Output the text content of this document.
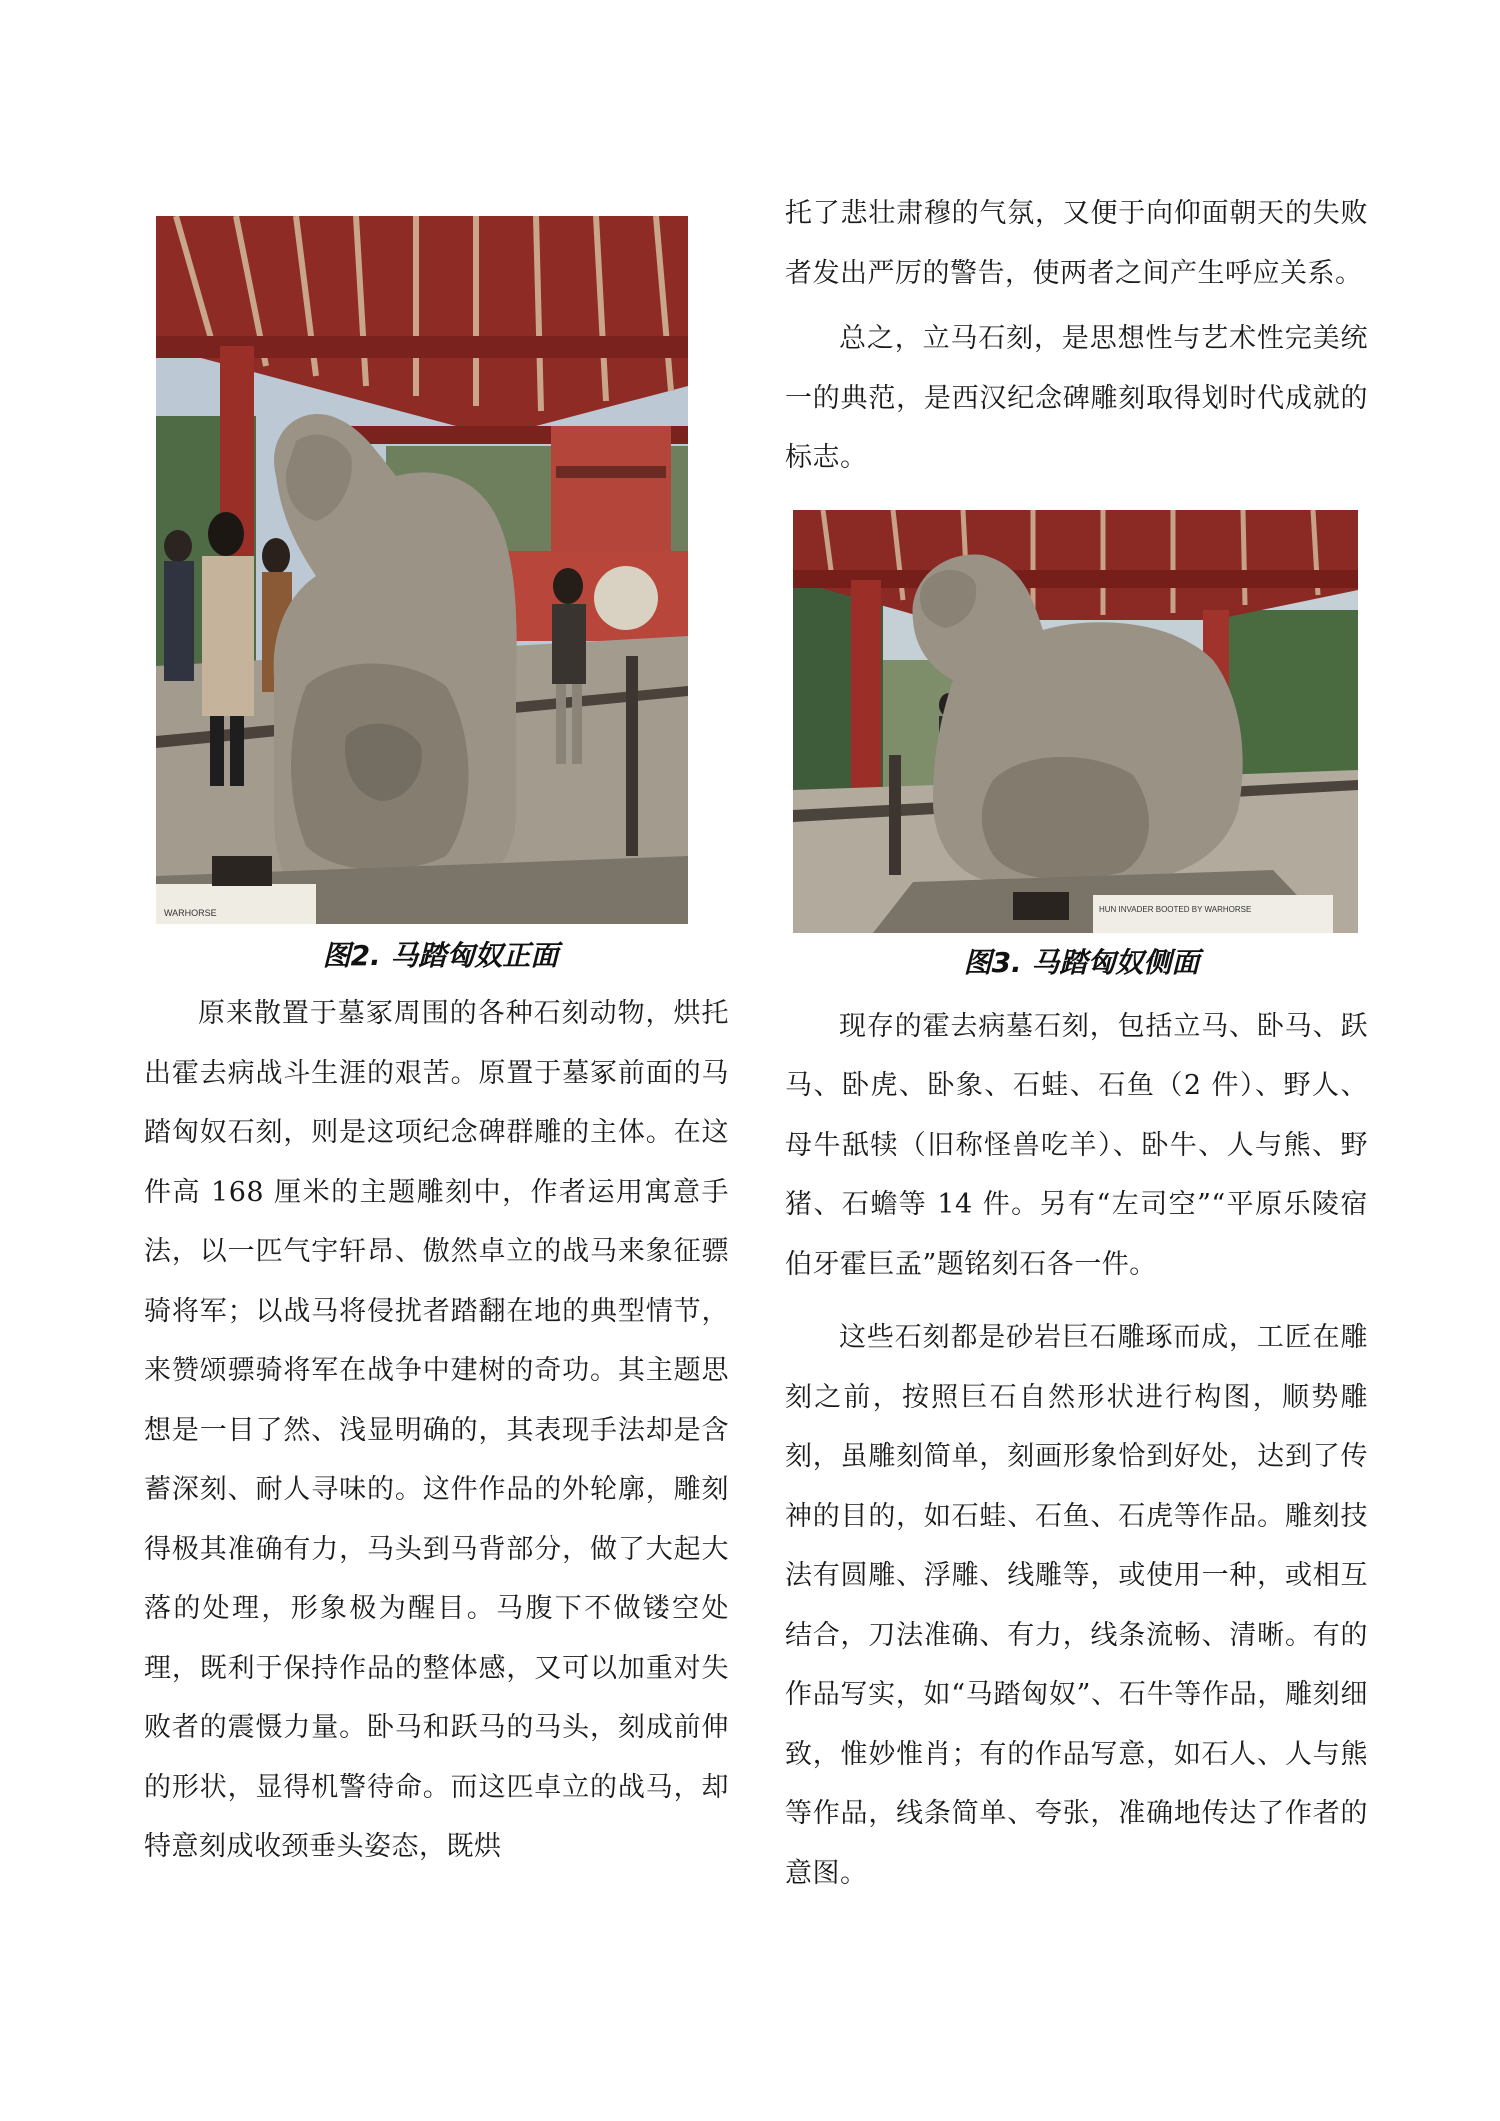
WARHORSE
图2. 马踏匈奴正面

原来散置于墓冢周围的各种石刻动物，烘托出霍去病战斗生涯的艰苦。原置于墓冢前面的马踏匈奴石刻，则是这项纪念碑群雕的主体。在这件高 168 厘米的主题雕刻中，作者运用寓意手法，以一匹气宇轩昂、傲然卓立的战马来象征骠骑将军；以战马将侵扰者踏翻在地的典型情节，来赞颂骠骑将军在战争中建树的奇功。其主题思想是一目了然、浅显明确的，其表现手法却是含蓄深刻、耐人寻味的。这件作品的外轮廓，雕刻得极其准确有力，马头到马背部分，做了大起大落的处理，形象极为醒目。马腹下不做镂空处理，既利于保持作品的整体感，又可以加重对失败者的震慑力量。卧马和跃马的马头，刻成前伸的形状，显得机警待命。而这匹卓立的战马，却特意刻成收颈垂头姿态，既烘

托了悲壮肃穆的气氛，又便于向仰面朝天的失败者发出严厉的警告，使两者之间产生呼应关系。

总之，立马石刻，是思想性与艺术性完美统一的典范，是西汉纪念碑雕刻取得划时代成就的标志。

HUN INVADER BOOTED BY WARHORSE
图3. 马踏匈奴侧面

现存的霍去病墓石刻，包括立马、卧马、跃马、卧虎、卧象、石蛙、石鱼（2 件）、野人、母牛舐犊（旧称怪兽吃羊）、卧牛、人与熊、野猪、石蟾等 14 件。另有“左司空”“平原乐陵宿伯牙霍巨孟”题铭刻石各一件。

这些石刻都是砂岩巨石雕琢而成，工匠在雕刻之前，按照巨石自然形状进行构图，顺势雕刻，虽雕刻简单，刻画形象恰到好处，达到了传神的目的，如石蛙、石鱼、石虎等作品。雕刻技法有圆雕、浮雕、线雕等，或使用一种，或相互结合，刀法准确、有力，线条流畅、清晰。有的作品写实，如“马踏匈奴”、石牛等作品，雕刻细致，惟妙惟肖；有的作品写意，如石人、人与熊等作品，线条简单、夸张，准确地传达了作者的意图。
